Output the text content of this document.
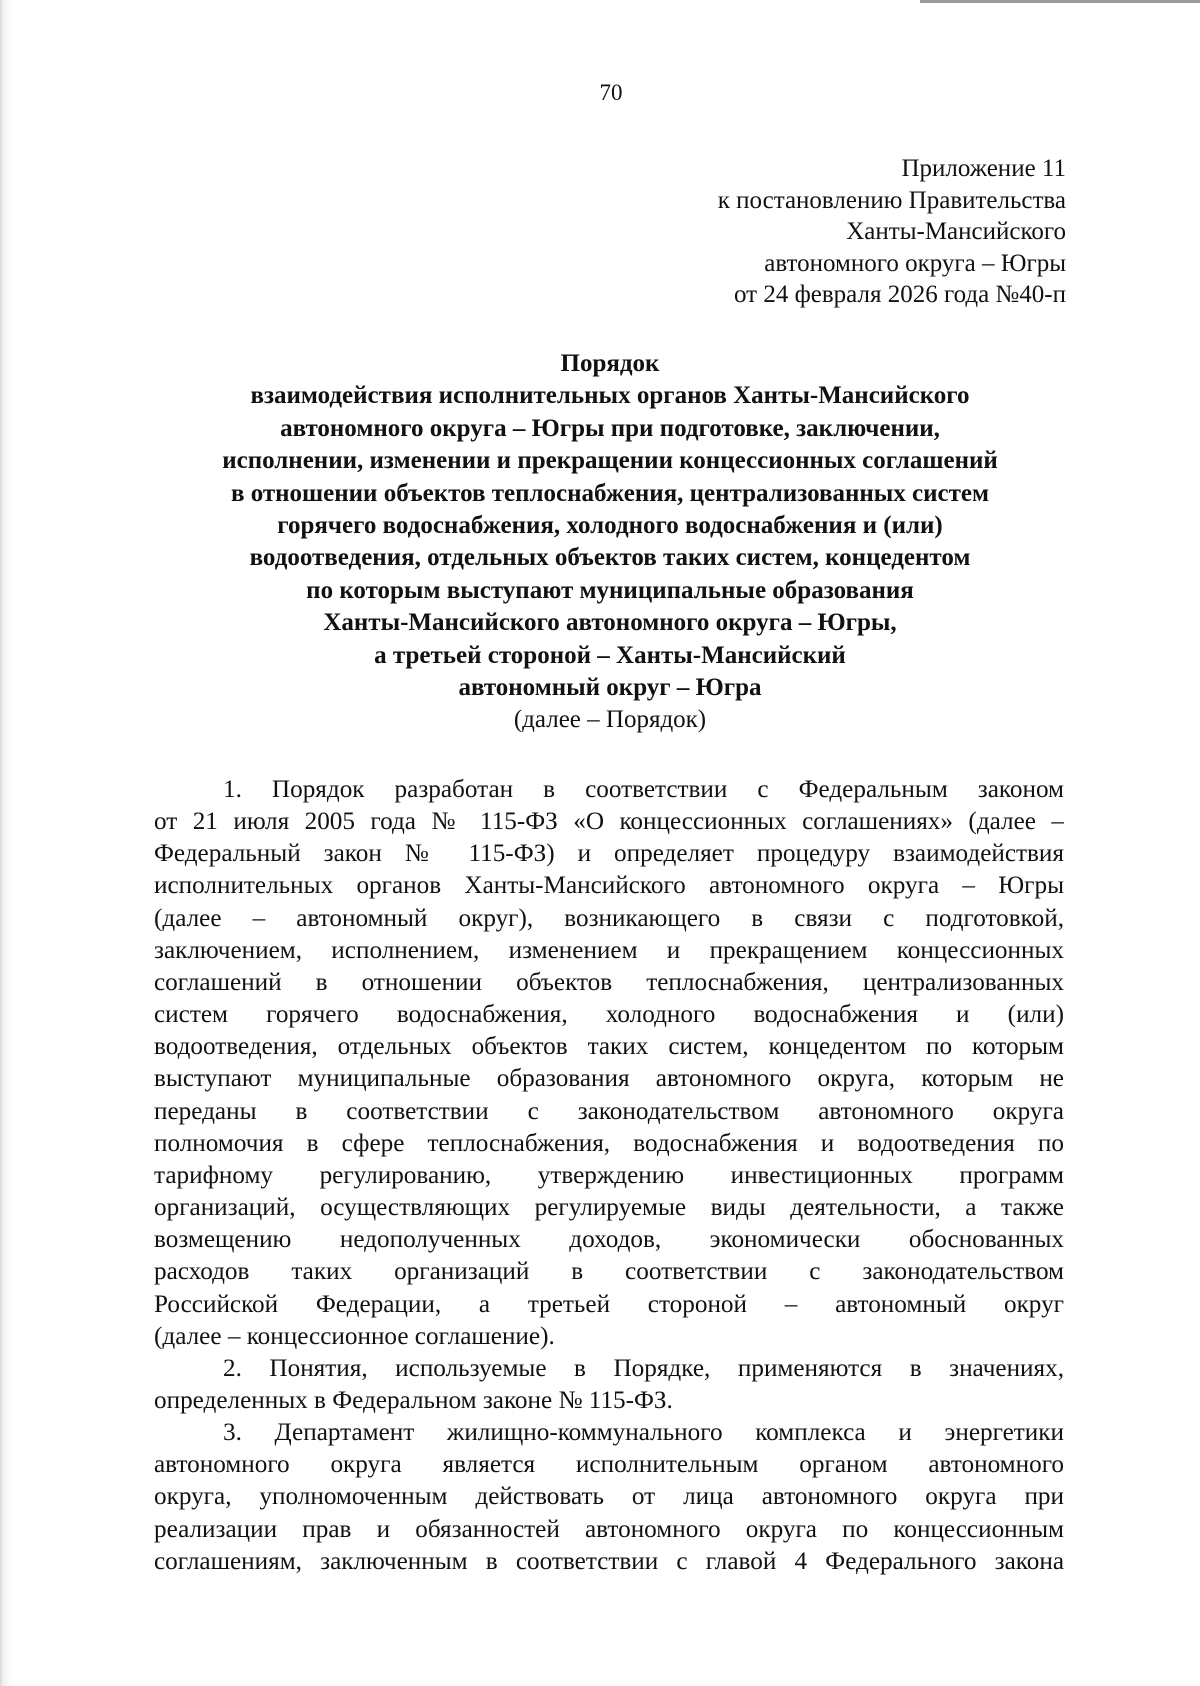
70
Приложение 11
к постановлению Правительства
Ханты-Мансийского
автономного округа – Югры
от 24 февраля 2026 года №40-п
Порядок
взаимодействия исполнительных органов Ханты-Мансийского
автономного округа – Югры при подготовке, заключении,
исполнении, изменении и прекращении концессионных соглашений
в отношении объектов теплоснабжения, централизованных систем
горячего водоснабжения, холодного водоснабжения и (или)
водоотведения, отдельных объектов таких систем, концедентом
по которым выступают муниципальные образования
Ханты-Мансийского автономного округа – Югры,
а третьей стороной – Ханты-Мансийский
автономный округ – Югра
(далее – Порядок)
1. Порядок разработан в соответствии с Федеральным законом
от 21 июля 2005 года № 115-ФЗ «О концессионных соглашениях» (далее –
Федеральный закон № 115-ФЗ) и определяет процедуру взаимодействия
исполнительных органов Ханты-Мансийского автономного округа – Югры
(далее – автономный округ), возникающего в связи с подготовкой,
заключением, исполнением, изменением и прекращением концессионных
соглашений в отношении объектов теплоснабжения, централизованных
систем горячего водоснабжения, холодного водоснабжения и (или)
водоотведения, отдельных объектов таких систем, концедентом по которым
выступают муниципальные образования автономного округа, которым не
переданы в соответствии с законодательством автономного округа
полномочия в сфере теплоснабжения, водоснабжения и водоотведения по
тарифному регулированию, утверждению инвестиционных программ
организаций, осуществляющих регулируемые виды деятельности, а также
возмещению недополученных доходов, экономически обоснованных
расходов таких организаций в соответствии с законодательством
Российской Федерации, а третьей стороной – автономный округ
(далее – концессионное соглашение).
2. Понятия, используемые в Порядке, применяются в значениях,
определенных в Федеральном законе № 115-ФЗ.
3. Департамент жилищно-коммунального комплекса и энергетики
автономного округа является исполнительным органом автономного
округа, уполномоченным действовать от лица автономного округа при
реализации прав и обязанностей автономного округа по концессионным
соглашениям, заключенным в соответствии с главой 4 Федерального закона
